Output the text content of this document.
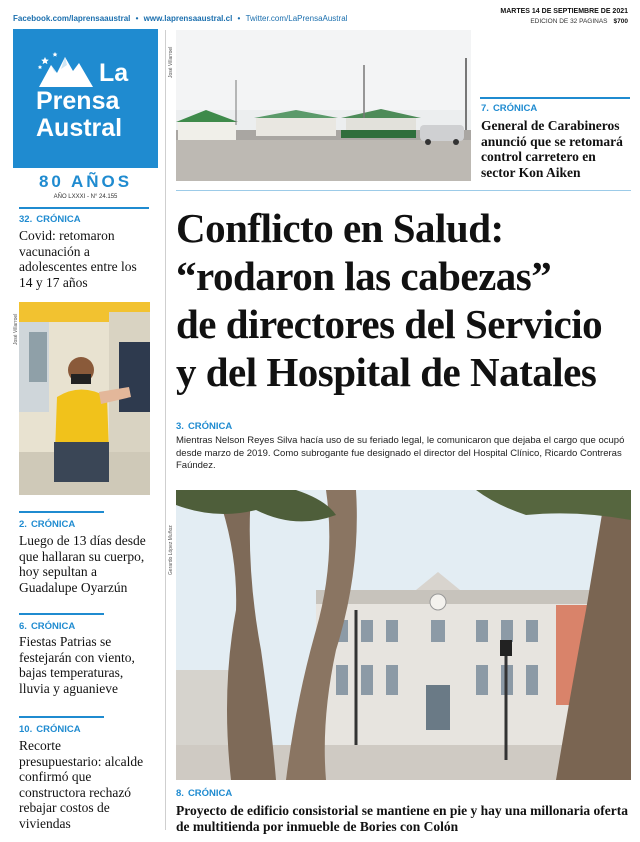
Facebook.com/laprensaaustral • www.laprensaaustral.cl • Twitter.com/LaPrensaAustral
MARTES 14 DE SEPTIEMBRE DE 2021
EDICION DE 32 PAGINAS $700
La
Prensa
Austral
80 AÑOS
AÑO LXXXI - N° 24.155
32. CRÓNICA
Covid: retomaron vacunación a adolescentes entre los 14 y 17 años
José Villarroel
2. CRÓNICA
Luego de 13 días desde que hallaran su cuerpo, hoy sepultan a Guadalupe Oyarzún
6. CRÓNICA
Fiestas Patrias se festejarán con viento, bajas temperaturas, lluvia y aguanieve
10. CRÓNICA
Recorte presupuestario: alcalde confirmó que constructora rechazó rebajar costos de viviendas
José Villarroel
7. CRÓNICA
General de Carabineros anunció que se retomará control carretero en sector Kon Aiken
Conflicto en Salud:
“rodaron las cabezas”
de directores del Servicio
y del Hospital de Natales
3. CRÓNICA
Mientras Nelson Reyes Silva hacía uso de su feriado legal, le comunicaron que dejaba el cargo que ocupó desde marzo de 2019. Como subrogante fue designado el director del Hospital Clínico, Ricardo Contreras Faúndez.
Gerardo López Muñoz
8. CRÓNICA
Proyecto de edificio consistorial se mantiene en pie y hay una millonaria oferta de multitienda por inmueble de Bories con Colón
